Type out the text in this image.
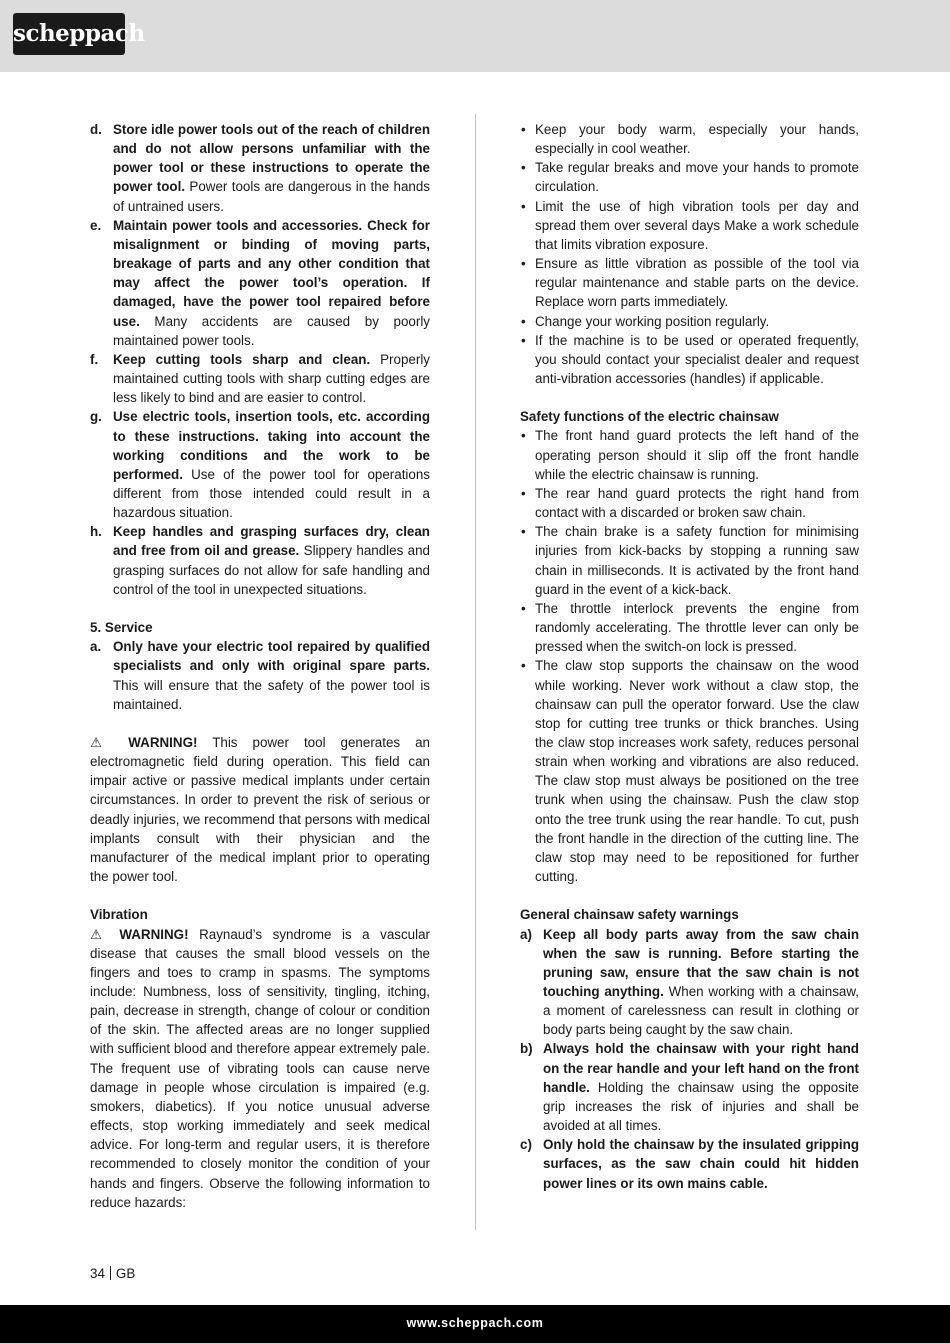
scheppach
d. Store idle power tools out of the reach of children and do not allow persons unfamiliar with the power tool or these instructions to operate the power tool. Power tools are dangerous in the hands of untrained users.
e. Maintain power tools and accessories. Check for misalignment or binding of moving parts, breakage of parts and any other condition that may affect the power tool’s operation. If damaged, have the power tool repaired before use. Many accidents are caused by poorly maintained power tools.
f.	Keep cutting tools sharp and clean. Properly maintained cutting tools with sharp cutting edges are less likely to bind and are easier to control.
g. Use electric tools, insertion tools, etc. according to these instructions. taking into account the working conditions and the work to be performed. Use of the power tool for operations different from those intended could result in a hazardous situation.
h. Keep handles and grasping surfaces dry, clean and free from oil and grease. Slippery handles and grasping surfaces do not allow for safe handling and control of the tool in unexpected situations.

5. Service

a. Only have your electric tool repaired by qualified specialists and only with original spare parts. This will ensure that the safety of the power tool is maintained.

⚠ WARNING! This power tool generates an electromagnetic field during operation. This field can impair active or passive medical implants under certain circumstances. In order to prevent the risk of serious or deadly injuries, we recommend that persons with medical implants consult with their physician and the manufacturer of the medical implant prior to operating the power tool.

Vibration

⚠ WARNING! Raynaud’s syndrome is a vascular disease that causes the small blood vessels on the fingers and toes to cramp in spasms. The symptoms include: Numbness, loss of sensitivity, tingling, itching, pain, decrease in strength, change of colour or condition of the skin. The affected areas are no longer supplied with sufficient blood and therefore appear extremely pale. The frequent use of vibrating tools can cause nerve damage in people whose circulation is impaired (e.g. smokers, diabetics). If you notice unusual adverse effects, stop working immediately and seek medical advice. For long-term and regular users, it is therefore recommended to closely monitor the condition of your hands and fingers. Observe the following information to reduce hazards:

• Keep your body warm, especially your hands, especially in cool weather.
• Take regular breaks and move your hands to promote circulation.
• Limit the use of high vibration tools per day and spread them over several days Make a work schedule that limits vibration exposure.
• Ensure as little vibration as possible of the tool via regular maintenance and stable parts on the device. Replace worn parts immediately.
• Change your working position regularly.
• If the machine is to be used or operated frequently, you should contact your specialist dealer and request anti-vibration accessories (handles) if applicable.

Safety functions of the electric chainsaw

• The front hand guard protects the left hand of the operating person should it slip off the front handle while the electric chainsaw is running.
• The rear hand guard protects the right hand from contact with a discarded or broken saw chain.
• The chain brake is a safety function for minimising injuries from kick-backs by stopping a running saw chain in milliseconds. It is activated by the front hand guard in the event of a kick-back.
• The throttle interlock prevents the engine from randomly accelerating. The throttle lever can only be pressed when the switch-on lock is pressed.
• The claw stop supports the chainsaw on the wood while working. Never work without a claw stop, the chainsaw can pull the operator forward. Use the claw stop for cutting tree trunks or thick branches. Using the claw stop increases work safety, reduces personal strain when working and vibrations are also reduced. The claw stop must always be positioned on the tree trunk when using the chainsaw. Push the claw stop onto the tree trunk using the rear handle. To cut, push the front handle in the direction of the cutting line. The claw stop may need to be repositioned for further cutting.

General chainsaw safety warnings

a) Keep all body parts away from the saw chain when the saw is running. Before starting the pruning saw, ensure that the saw chain is not touching anything. When working with a chainsaw, a moment of carelessness can result in clothing or body parts being caught by the saw chain.
b) Always hold the chainsaw with your right hand on the rear handle and your left hand on the front handle. Holding the chainsaw using the opposite grip increases the risk of injuries and shall be avoided at all times.
c) Only hold the chainsaw by the insulated gripping surfaces, as the saw chain could hit hidden power lines or its own mains cable.
34 GB
www.scheppach.com
